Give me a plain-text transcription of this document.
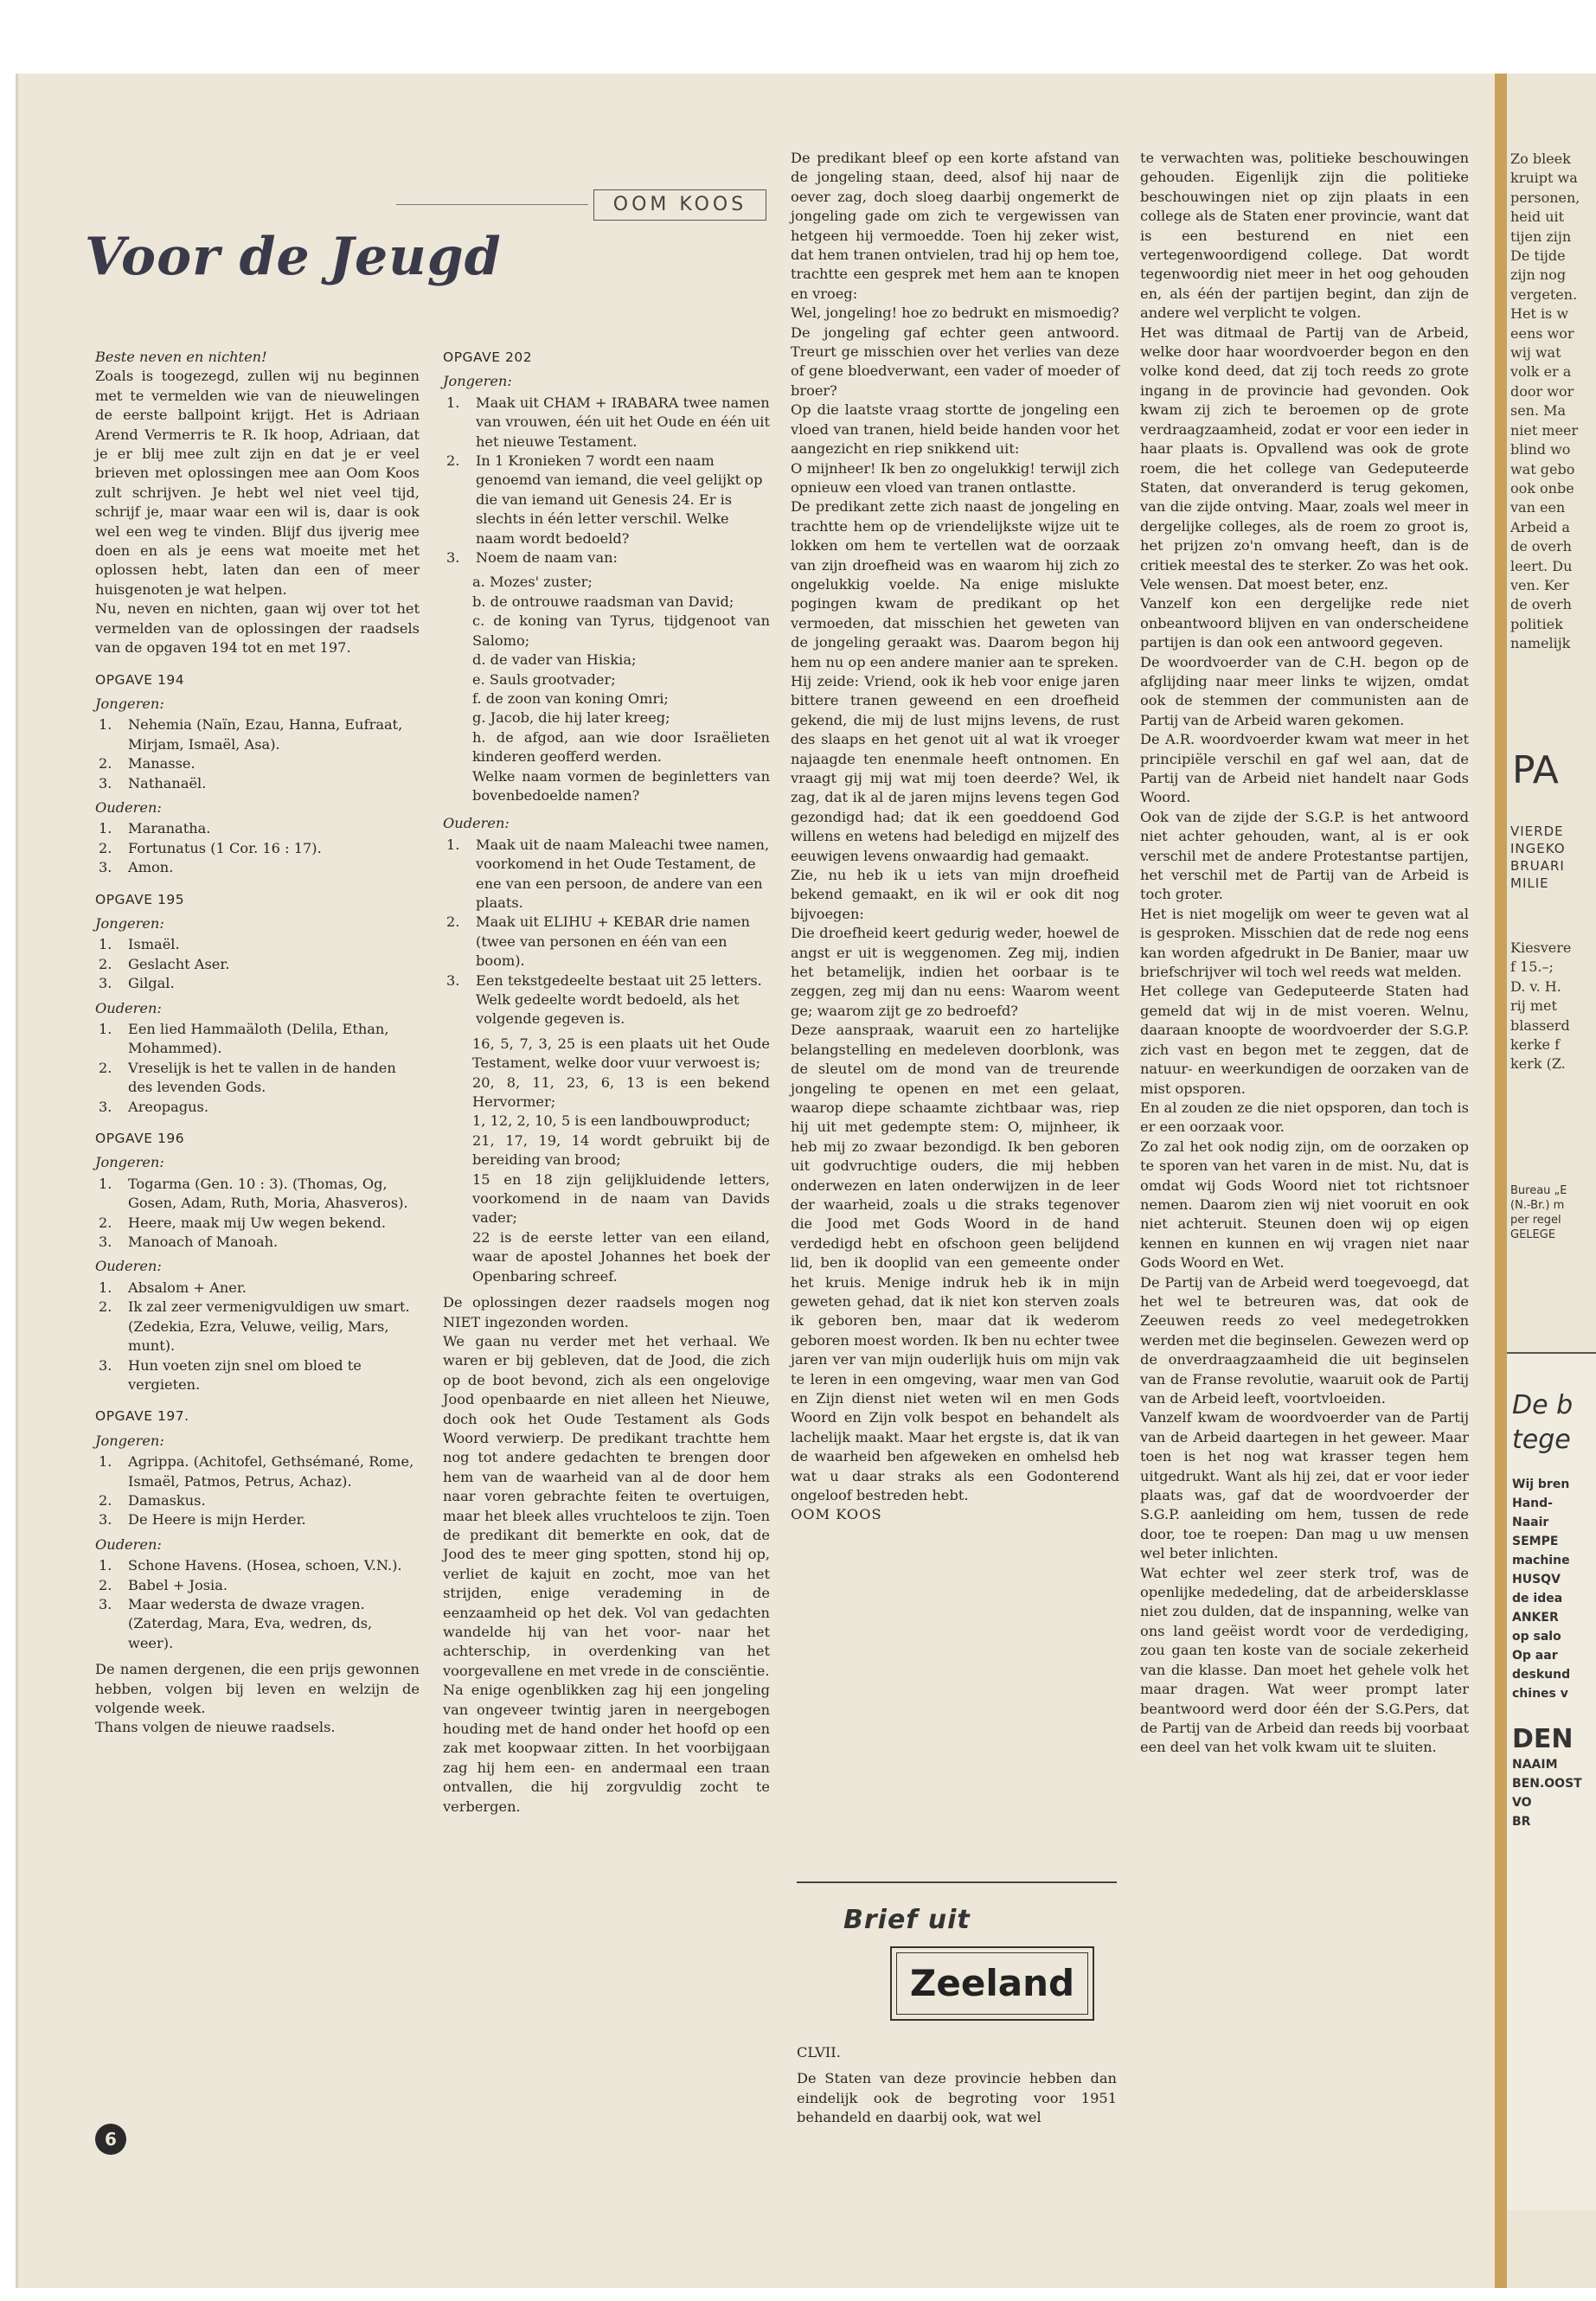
Voor de Jeugd
OOM KOOS

Beste neven en nichten!

Zoals is toogezegd, zullen wij nu beginnen met te vermelden wie van de nieuwelingen de eerste ballpoint krijgt. Het is Adriaan Arend Vermerris te R. Ik hoop, Adriaan, dat je er blij mee zult zijn en dat je er veel brieven met oplossingen mee aan Oom Koos zult schrijven. Je hebt wel niet veel tijd, schrijf je, maar waar een wil is, daar is ook wel een weg te vinden. Blijf dus ijverig mee doen en als je eens wat moeite met het oplossen hebt, laten dan een of meer huisgenoten je wat helpen.

Nu, neven en nichten, gaan wij over tot het vermelden van de oplossingen der raadsels van de opgaven 194 tot en met 197.

OPGAVE 194
Jongeren:
1.	Nehemia (Naïn, Ezau, Hanna, Eufraat, Mirjam, Ismaël, Asa).
2.	Manasse.
3.	Nathanaël.
Ouderen:
1.	Maranatha.
2.	Fortunatus (1 Cor. 16 : 17).
3.	Amon.
OPGAVE 195
Jongeren:
1.	Ismaël.
2.	Geslacht Aser.
3.	Gilgal.
Ouderen:
1.	Een lied Hammaäloth (Delila, Ethan, Mohammed).
2.	Vreselijk is het te vallen in de handen des levenden Gods.
3.	Areopagus.
OPGAVE 196
Jongeren:
1.	Togarma (Gen. 10 : 3). (Thomas, Og, Gosen, Adam, Ruth, Moria, Ahasveros).
2.	Heere, maak mij Uw wegen bekend.
3.	Manoach of Manoah.
Ouderen:
1.	Absalom + Aner.
2.	Ik zal zeer vermenigvuldigen uw smart. (Zedekia, Ezra, Veluwe, veilig, Mars, munt).
3.	Hun voeten zijn snel om bloed te vergieten.
OPGAVE 197.
Jongeren:
1.	Agrippa. (Achitofel, Gethsémané, Rome, Ismaël, Patmos, Petrus, Achaz).
2.	Damaskus.
3.	De Heere is mijn Herder.
Ouderen:
1.	Schone Havens. (Hosea, schoen, V.N.).
2.	Babel + Josia.
3.	Maar wedersta de dwaze vragen. (Zaterdag, Mara, Eva, wedren, ds, weer).

De namen dergenen, die een prijs gewonnen hebben, volgen bij leven en welzijn de volgende week.

Thans volgen de nieuwe raadsels.

OPGAVE 202
Jongeren:
1.	Maak uit CHAM + IRABARA twee namen van vrouwen, één uit het Oude en één uit het nieuwe Testament.
2.	In 1 Kronieken 7 wordt een naam genoemd van iemand, die veel gelijkt op die van iemand uit Genesis 24. Er is slechts in één letter verschil. Welke naam wordt bedoeld?
3.	Noem de naam van:

a. Mozes' zuster;

b. de ontrouwe raadsman van David;

c. de koning van Tyrus, tijdgenoot van Salomo;

d. de vader van Hiskia;

e. Sauls grootvader;

f. de zoon van koning Omri;

g. Jacob, die hij later kreeg;

h. de afgod, aan wie door Israëlieten kinderen geofferd werden.

Welke naam vormen de beginletters van bovenbedoelde namen?

Ouderen:
1.	Maak uit de naam Maleachi twee namen, voorkomend in het Oude Testament, de ene van een persoon, de andere van een plaats.
2.	Maak uit ELIHU + KEBAR drie namen (twee van personen en één van een boom).
3.	Een tekstgedeelte bestaat uit 25 letters. Welk gedeelte wordt bedoeld, als het volgende gegeven is.

16, 5, 7, 3, 25 is een plaats uit het Oude Testament, welke door vuur verwoest is;

20, 8, 11, 23, 6, 13 is een bekend Hervormer;

1, 12, 2, 10, 5 is een landbouwproduct;

21, 17, 19, 14 wordt gebruikt bij de bereiding van brood;

15 en 18 zijn gelijkluidende letters, voorkomend in de naam van Davids vader;

22 is de eerste letter van een eiland, waar de apostel Johannes het boek der Openbaring schreef.

De oplossingen dezer raadsels mogen nog NIET ingezonden worden.

We gaan nu verder met het verhaal. We waren er bij gebleven, dat de Jood, die zich op de boot bevond, zich als een ongelovige Jood openbaarde en niet alleen het Nieuwe, doch ook het Oude Testament als Gods Woord verwierp. De predikant trachtte hem nog tot andere gedachten te brengen door hem van de waarheid van al de door hem naar voren gebrachte feiten te overtuigen, maar het bleek alles vruchteloos te zijn. Toen de predikant dit bemerkte en ook, dat de Jood des te meer ging spotten, stond hij op, verliet de kajuit en zocht, moe van het strijden, enige verademing in de eenzaamheid op het dek. Vol van gedachten wandelde hij van het voor- naar het achterschip, in overdenking van het voorgevallene en met vrede in de consciëntie.

Na enige ogenblikken zag hij een jongeling van ongeveer twintig jaren in neergebogen houding met de hand onder het hoofd op een zak met koopwaar zitten. In het voorbijgaan zag hij hem een- en andermaal een traan ontvallen, die hij zorgvuldig zocht te verbergen.

De predikant bleef op een korte afstand van de jongeling staan, deed, alsof hij naar de oever zag, doch sloeg daarbij ongemerkt de jongeling gade om zich te vergewissen van hetgeen hij vermoedde. Toen hij zeker wist, dat hem tranen ontvielen, trad hij op hem toe, trachtte een gesprek met hem aan te knopen en vroeg:

Wel, jongeling! hoe zo bedrukt en mismoedig?

De jongeling gaf echter geen antwoord. Treurt ge misschien over het verlies van deze of gene bloedverwant, een vader of moeder of broer?

Op die laatste vraag stortte de jongeling een vloed van tranen, hield beide handen voor het aangezicht en riep snikkend uit:

O mijnheer! Ik ben zo ongelukkig! terwijl zich opnieuw een vloed van tranen ontlastte.

De predikant zette zich naast de jongeling en trachtte hem op de vriendelijkste wijze uit te lokken om hem te vertellen wat de oorzaak van zijn droefheid was en waarom hij zich zo ongelukkig voelde. Na enige mislukte pogingen kwam de predikant op het vermoeden, dat misschien het geweten van de jongeling geraakt was. Daarom begon hij hem nu op een andere manier aan te spreken.

Hij zeide: Vriend, ook ik heb voor enige jaren bittere tranen geweend en een droefheid gekend, die mij de lust mijns levens, de rust des slaaps en het genot uit al wat ik vroeger najaagde ten enenmale heeft ontnomen. En vraagt gij mij wat mij toen deerde? Wel, ik zag, dat ik al de jaren mijns levens tegen God gezondigd had; dat ik een goeddoend God willens en wetens had beledigd en mijzelf des eeuwigen levens onwaardig had gemaakt.

Zie, nu heb ik u iets van mijn droefheid bekend gemaakt, en ik wil er ook dit nog bijvoegen:

Die droefheid keert gedurig weder, hoewel de angst er uit is weggenomen. Zeg mij, indien het betamelijk, indien het oorbaar is te zeggen, zeg mij dan nu eens: Waarom weent ge; waarom zijt ge zo bedroefd?

Deze aanspraak, waaruit een zo hartelijke belangstelling en medeleven doorblonk, was de sleutel om de mond van de treurende jongeling te openen en met een gelaat, waarop diepe schaamte zichtbaar was, riep hij uit met gedempte stem: O, mijnheer, ik heb mij zo zwaar bezondigd. Ik ben geboren uit godvruchtige ouders, die mij hebben onderwezen en laten onderwijzen in de leer der waarheid, zoals u die straks tegenover die Jood met Gods Woord in de hand verdedigd hebt en ofschoon geen belijdend lid, ben ik dooplid van een gemeente onder het kruis. Menige indruk heb ik in mijn geweten gehad, dat ik niet kon sterven zoals ik geboren ben, maar dat ik wederom geboren moest worden. Ik ben nu echter twee jaren ver van mijn ouderlijk huis om mijn vak te leren in een omgeving, waar men van God en Zijn dienst niet weten wil en men Gods Woord en Zijn volk bespot en behandelt als lachelijk maakt. Maar het ergste is, dat ik van de waarheid ben afgeweken en omhelsd heb wat u daar straks als een Godonterend ongeloof bestreden hebt.

OOM KOOS

Brief uit
Zeeland

CLVII.

De Staten van deze provincie hebben dan eindelijk ook de begroting voor 1951 behandeld en daarbij ook, wat wel

te verwachten was, politieke beschouwingen gehouden. Eigenlijk zijn die politieke beschouwingen niet op zijn plaats in een college als de Staten ener provincie, want dat is een besturend en niet een vertegenwoordigend college. Dat wordt tegenwoordig niet meer in het oog gehouden en, als één der partijen begint, dan zijn de andere wel verplicht te volgen.

Het was ditmaal de Partij van de Arbeid, welke door haar woordvoerder begon en den volke kond deed, dat zij toch reeds zo grote ingang in de provincie had gevonden. Ook kwam zij zich te beroemen op de grote verdraagzaamheid, zodat er voor een ieder in haar plaats is. Opvallend was ook de grote roem, die het college van Gedeputeerde Staten, dat onveranderd is terug gekomen, van die zijde ontving. Maar, zoals wel meer in dergelijke colleges, als de roem zo groot is, het prijzen zo'n omvang heeft, dan is de critiek meestal des te sterker. Zo was het ook. Vele wensen. Dat moest beter, enz.

Vanzelf kon een dergelijke rede niet onbeantwoord blijven en van onderscheidene partijen is dan ook een antwoord gegeven.

De woordvoerder van de C.H. begon op de afglijding naar meer links te wijzen, omdat ook de stemmen der communisten aan de Partij van de Arbeid waren gekomen.

De A.R. woordvoerder kwam wat meer in het principiële verschil en gaf wel aan, dat de Partij van de Arbeid niet handelt naar Gods Woord.

Ook van de zijde der S.G.P. is het antwoord niet achter gehouden, want, al is er ook verschil met de andere Protestantse partijen, het verschil met de Partij van de Arbeid is toch groter.

Het is niet mogelijk om weer te geven wat al is gesproken. Misschien dat de rede nog eens kan worden afgedrukt in De Banier, maar uw briefschrijver wil toch wel reeds wat melden.

Het college van Gedeputeerde Staten had gemeld dat wij in de mist voeren. Welnu, daaraan knoopte de woordvoerder der S.G.P. zich vast en begon met te zeggen, dat de natuur- en weerkundigen de oorzaken van de mist opsporen.

En al zouden ze die niet opsporen, dan toch is er een oorzaak voor.

Zo zal het ook nodig zijn, om de oorzaken op te sporen van het varen in de mist. Nu, dat is omdat wij Gods Woord niet tot richtsnoer nemen. Daarom zien wij niet vooruit en ook niet achteruit. Steunen doen wij op eigen kennen en kunnen en wij vragen niet naar Gods Woord en Wet.

De Partij van de Arbeid werd toegevoegd, dat het wel te betreuren was, dat ook de Zeeuwen reeds zo veel medegetrokken werden met die beginselen. Gewezen werd op de onverdraagzaamheid die uit beginselen van de Franse revolutie, waaruit ook de Partij van de Arbeid leeft, voortvloeiden.

Vanzelf kwam de woordvoerder van de Partij van de Arbeid daartegen in het geweer. Maar toen is het nog wat krasser tegen hem uitgedrukt. Want als hij zei, dat er voor ieder plaats was, gaf dat de woordvoerder der S.G.P. aanleiding om hem, tussen de rede door, toe te roepen: Dan mag u uw mensen wel beter inlichten.

Wat echter wel zeer sterk trof, was de openlijke mededeling, dat de arbeidersklasse niet zou dulden, dat de inspanning, welke van ons land geëist wordt voor de verdediging, zou gaan ten koste van de sociale zekerheid van die klasse. Dan moet het gehele volk het maar dragen. Wat weer prompt later beantwoord werd door één der S.G.Pers, dat de Partij van de Arbeid dan reeds bij voorbaat een deel van het volk kwam uit te sluiten.

6
Zo bleek
kruipt wa
personen,
heid uit
tijen zijn
De tijde
zijn nog
vergeten.
Het is w
eens wor
wij wat
volk er a
door wor
sen. Ma
niet meer
blind wo
wat gebo
ook onbe
van een
Arbeid a
de overh
leert. Du
ven. Ker
de overh
politiek
namelijk
PA
VIERDE
INGEKO
BRUARI
MILIE
Kiesvere
f 15.–;
D. v. H.
rij met
blasserd
kerke f
kerk (Z.
Bureau „E
(N.-Br.) m
per regel
GELEGE
De b
tege
Wij bren
Hand-
Naair
SEMPE
machine
HUSQV
de idea
ANKER
op salo
Op aar
deskund
chines v
DEN
NAAIM
BEN.OOST
VO
BR
